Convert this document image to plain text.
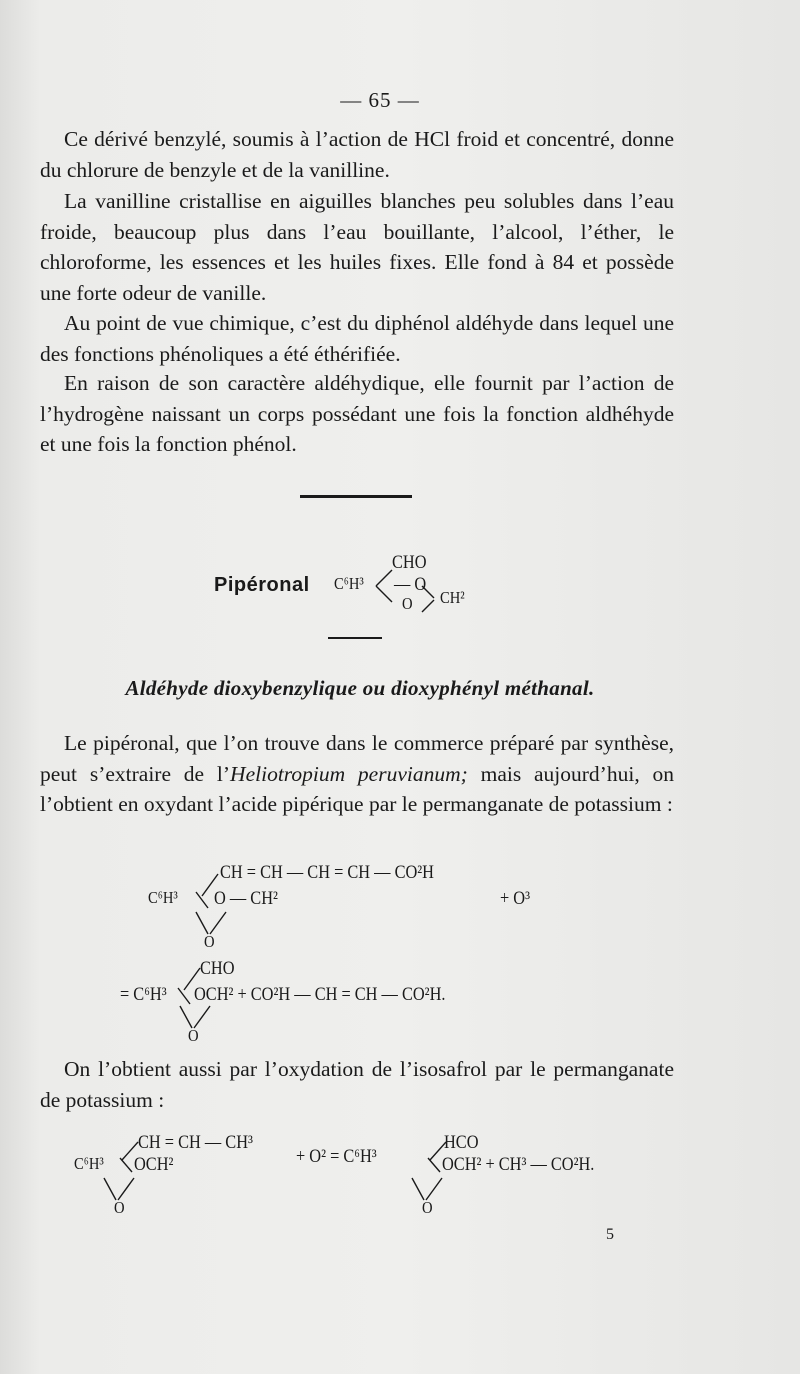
— 65 —
Ce dérivé benzylé, soumis à l’action de HCl froid et concentré, donne du chlorure de benzyle et de la vanilline.
La vanilline cristallise en aiguilles blanches peu solubles dans l’eau froide, beaucoup plus dans l’eau bouillante, l’alcool, l’éther, le chloroforme, les essences et les huiles fixes. Elle fond à 84 et possède une forte odeur de vanille.
Au point de vue chimique, c’est du diphénol aldéhyde dans lequel une des fonctions phénoliques a été éthérifiée.
En raison de son caractère aldéhydique, elle fournit par l’action de l’hydrogène naissant un corps possédant une fois la fonction aldhéhyde et une fois la fonction phénol.
Pipéronal C⁶H³
CHO
— O
O CH²
Aldéhyde dioxybenzylique ou dioxyphényl méthanal.
Le pipéronal, que l’on trouve dans le commerce préparé par synthèse, peut s’extraire de l’Heliotropium peruvianum; mais aujourd’hui, on l’obtient en oxydant l’acide pipérique par le permanganate de potassium :
CH = CH — CH = CH — CO²H
C⁶H³ O — CH²	+ O³
O
CHO
= C⁶H³ OCH² + CO²H — CH = CH — CO²H.
O
On l’obtient aussi par l’oxydation de l’isosafrol par le permanganate de potassium :
CH = CH — CH³
C⁶H³ OCH²	+ O² = C⁶H³
HCO
OCH² + CH³ — CO²H.
O	O
5
